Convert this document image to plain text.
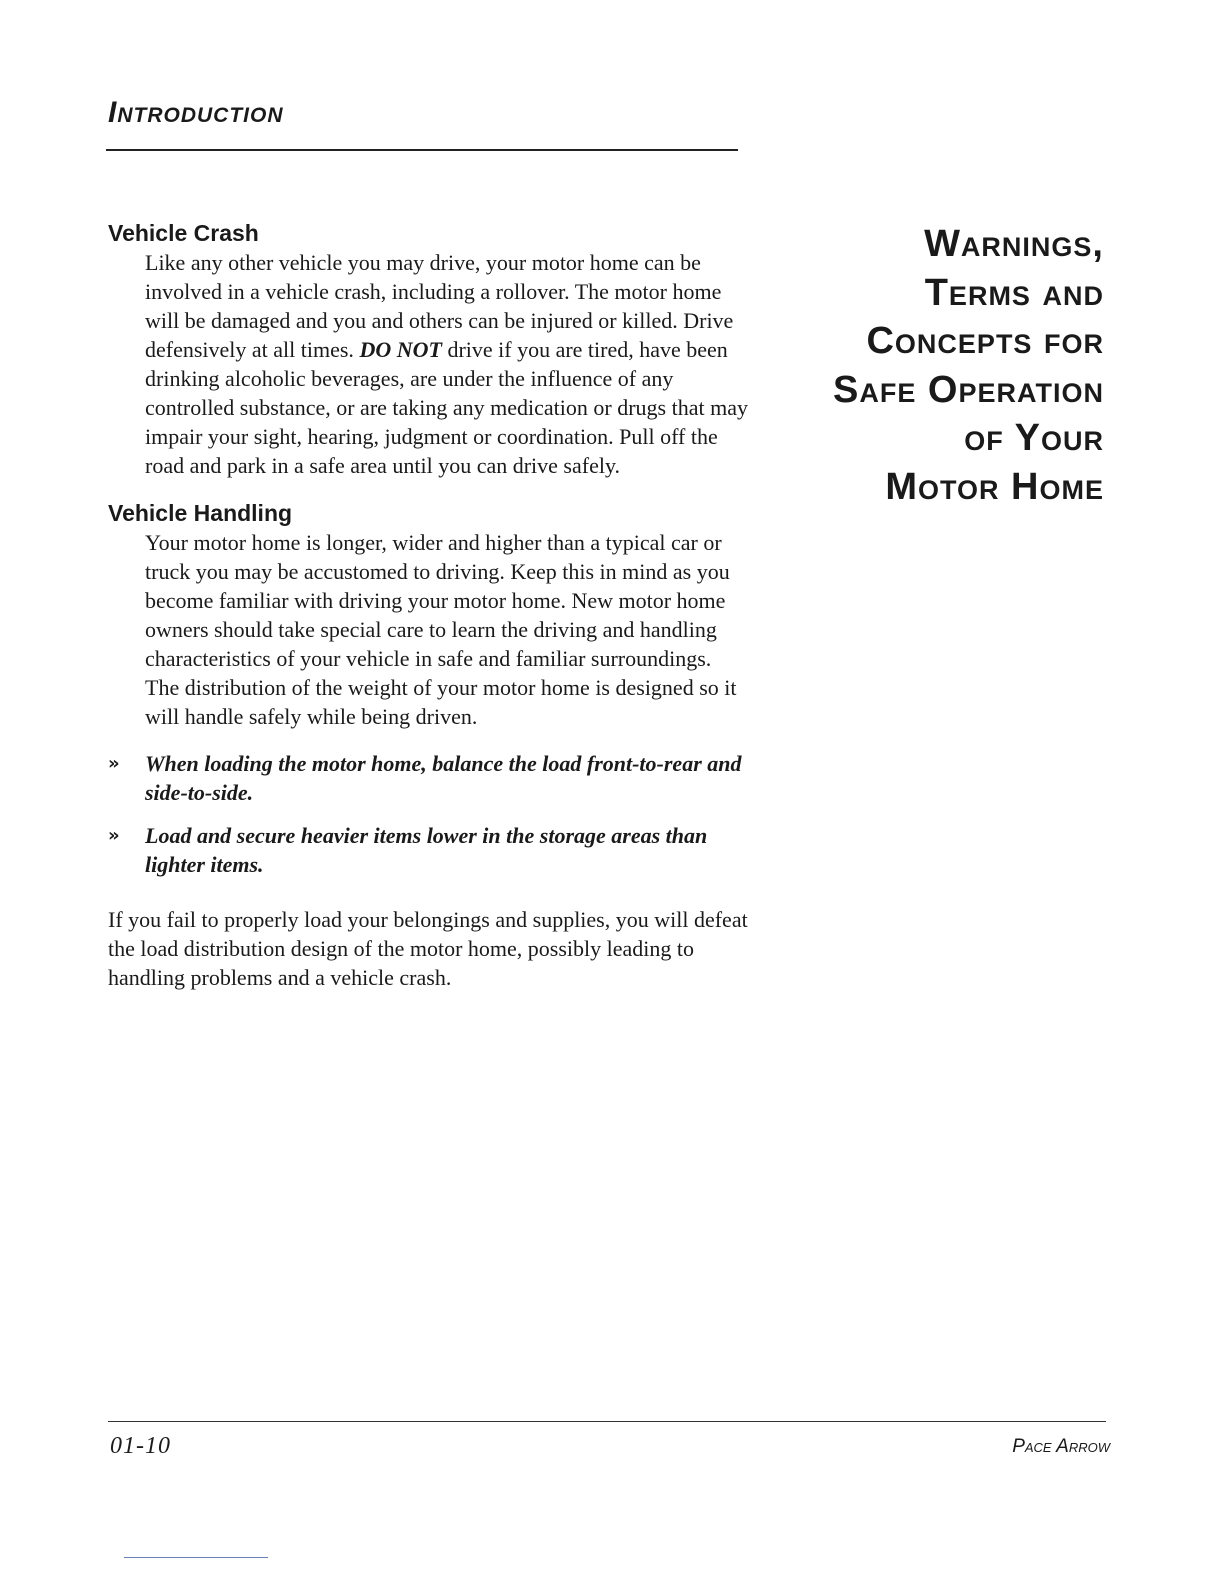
Introduction
Vehicle Crash

Like any other vehicle you may drive, your motor home can be involved in a vehicle crash, including a rollover. The motor home will be damaged and you and others can be injured or killed. Drive defensively at all times. DO NOT drive if you are tired, have been drinking alcoholic beverages, are under the influence of any controlled substance, or are taking any medication or drugs that may impair your sight, hearing, judgment or coordination. Pull off the road and park in a safe area until you can drive safely.

Vehicle Handling

Your motor home is longer, wider and higher than a typical car or truck you may be accustomed to driving. Keep this in mind as you become familiar with driving your motor home. New motor home owners should take special care to learn the driving and handling characteristics of your vehicle in safe and familiar surroundings. The distribution of the weight of your motor home is designed so it will handle safely while being driven.

» When loading the motor home, balance the load front-to-rear and side-to-side.
» Load and secure heavier items lower in the storage areas than lighter items.

If you fail to properly load your belongings and supplies, you will defeat the load distribution design of the motor home, possibly leading to handling problems and a vehicle crash.

Warnings,
Terms and
Concepts for
Safe Operation
of Your
Motor Home
01-10	Pace Arrow
